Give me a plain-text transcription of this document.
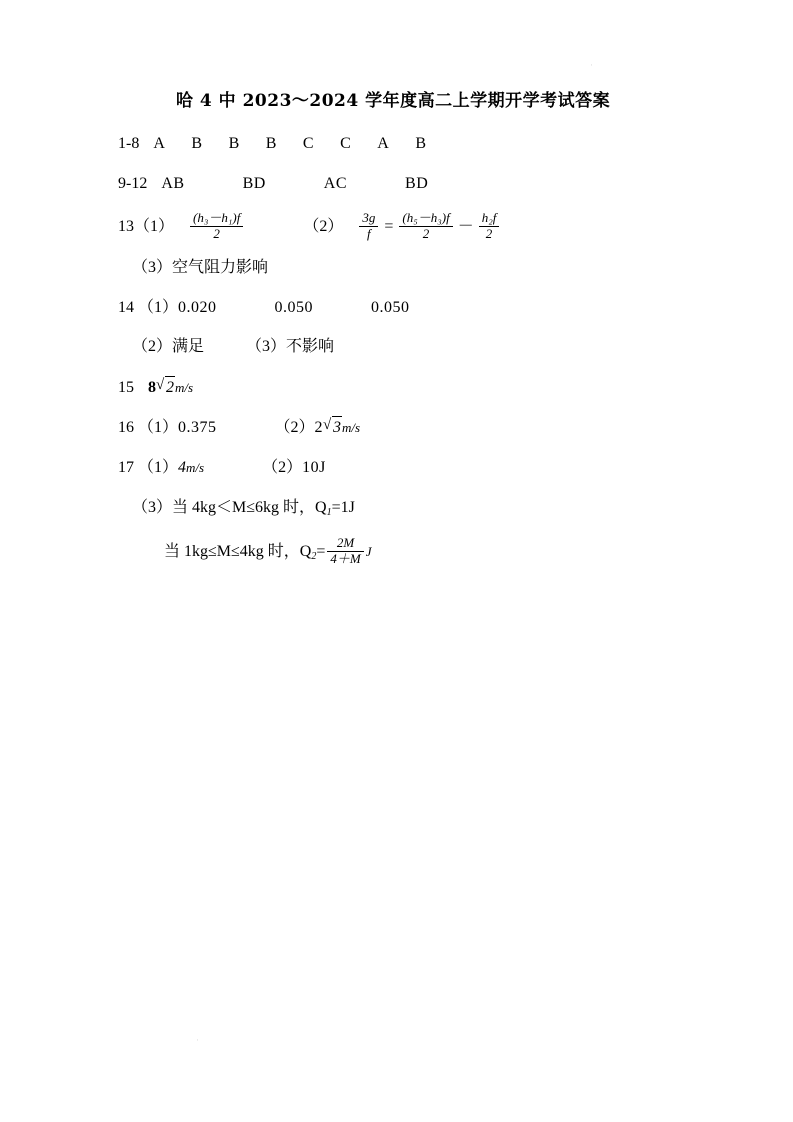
·
·
哈 4 中 2023～2024 学年度高二上学期开学考试答案
1-8 A B B B C C A B
9-12 AB	BD	AC	BD
$13(1) \frac{\text{(h₃－h₁)f}}{2}$	$(2) \frac{3g}{f} = \frac{\text{(h₅－h₃)f}}{2} - \frac{\text{h₂f}}{2}$
（3）空气阻力影响
14 （1）0.020	0.050	0.050
（2）满足	（3）不影响
15 8 √ 2m/s
16 （1）0.375	（2）2 √ 3m/s
17 （1）4m/s	（2）10J
（3）当 4kg＜M≤6kg 时，$Q_1=1J$
当 1kg≤M≤4kg 时，$Q_2= \frac{2M}{4+M}$ J
